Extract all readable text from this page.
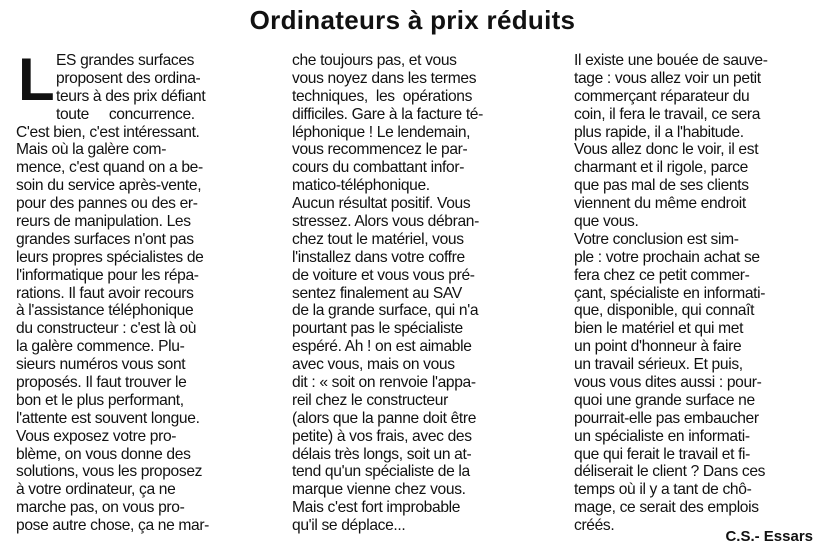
Ordinateurs à prix réduits
L ES grandes surfaces
proposent des ordina-
teurs à des prix défiant
toute     concurrence.
C'est bien, c'est intéressant.
Mais où la galère com-
mence, c'est quand on a be-
soin du service après-vente,
pour des pannes ou des er-
reurs de manipulation. Les
grandes surfaces n'ont pas
leurs propres spécialistes de
l'informatique pour les répa-
rations. Il faut avoir recours
à l'assistance téléphonique
du constructeur : c'est là où
la galère commence. Plu-
sieurs numéros vous sont
proposés. Il faut trouver le
bon et le plus performant,
l'attente est souvent longue.
Vous exposez votre pro-
blème, on vous donne des
solutions, vous les proposez
à votre ordinateur, ça ne
marche pas, on vous pro-
pose autre chose, ça ne mar-
che toujours pas, et vous
vous noyez dans les termes
techniques,  les  opérations
difficiles. Gare à la facture té-
léphonique ! Le lendemain,
vous recommencez le par-
cours du combattant infor-
matico-téléphonique.
Aucun résultat positif. Vous
stressez. Alors vous débran-
chez tout le matériel, vous
l'installez dans votre coffre
de voiture et vous vous pré-
sentez finalement au SAV
de la grande surface, qui n'a
pourtant pas le spécialiste
espéré. Ah ! on est aimable
avec vous, mais on vous
dit : « soit on renvoie l'appa-
reil chez le constructeur
(alors que la panne doit être
petite) à vos frais, avec des
délais très longs, soit un at-
tend qu'un spécialiste de la
marque vienne chez vous.
Mais c'est fort improbable
qu'il se déplace...
Il existe une bouée de sauve-
tage : vous allez voir un petit
commerçant réparateur du
coin, il fera le travail, ce sera
plus rapide, il a l'habitude.
Vous allez donc le voir, il est
charmant et il rigole, parce
que pas mal de ses clients
viennent du même endroit
que vous.
Votre conclusion est sim-
ple : votre prochain achat se
fera chez ce petit commer-
çant, spécialiste en informati-
que, disponible, qui connaît
bien le matériel et qui met
un point d'honneur à faire
un travail sérieux. Et puis,
vous vous dites aussi : pour-
quoi une grande surface ne
pourrait-elle pas embaucher
un spécialiste en informati-
que qui ferait le travail et fi-
déliserait le client ? Dans ces
temps où il y a tant de chô-
mage, ce serait des emplois
créés.
C.S.- Essars
